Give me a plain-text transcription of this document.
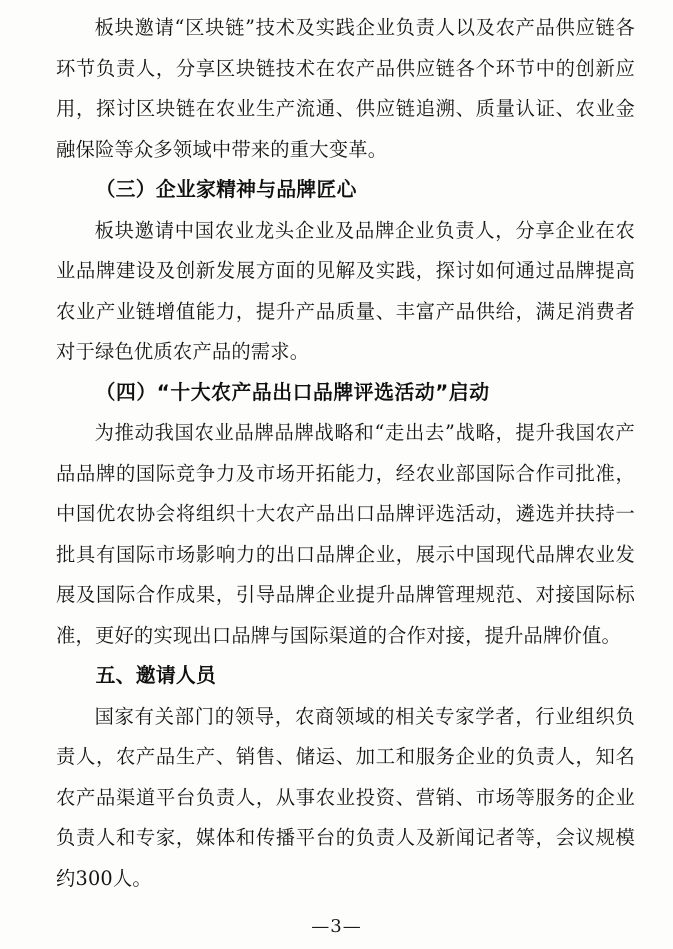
板块邀请“区块链”技术及实践企业负责人以及农产品供应链各环节负责人，分享区块链技术在农产品供应链各个环节中的创新应用，探讨区块链在农业生产流通、供应链追溯、质量认证、农业金融保险等众多领域中带来的重大变革。

（三）企业家精神与品牌匠心

板块邀请中国农业龙头企业及品牌企业负责人，分享企业在农业品牌建设及创新发展方面的见解及实践，探讨如何通过品牌提高农业产业链增值能力，提升产品质量、丰富产品供给，满足消费者对于绿色优质农产品的需求。

（四）“十大农产品出口品牌评选活动”启动

为推动我国农业品牌品牌战略和“走出去”战略，提升我国农产品品牌的国际竞争力及市场开拓能力，经农业部国际合作司批准，中国优农协会将组织十大农产品出口品牌评选活动，遴选并扶持一批具有国际市场影响力的出口品牌企业，展示中国现代品牌农业发展及国际合作成果，引导品牌企业提升品牌管理规范、对接国际标准，更好的实现出口品牌与国际渠道的合作对接，提升品牌价值。

五、邀请人员

国家有关部门的领导，农商领域的相关专家学者，行业组织负责人，农产品生产、销售、储运、加工和服务企业的负责人，知名农产品渠道平台负责人，从事农业投资、营销、市场等服务的企业负责人和专家，媒体和传播平台的负责人及新闻记者等，会议规模约300人。

—3—
